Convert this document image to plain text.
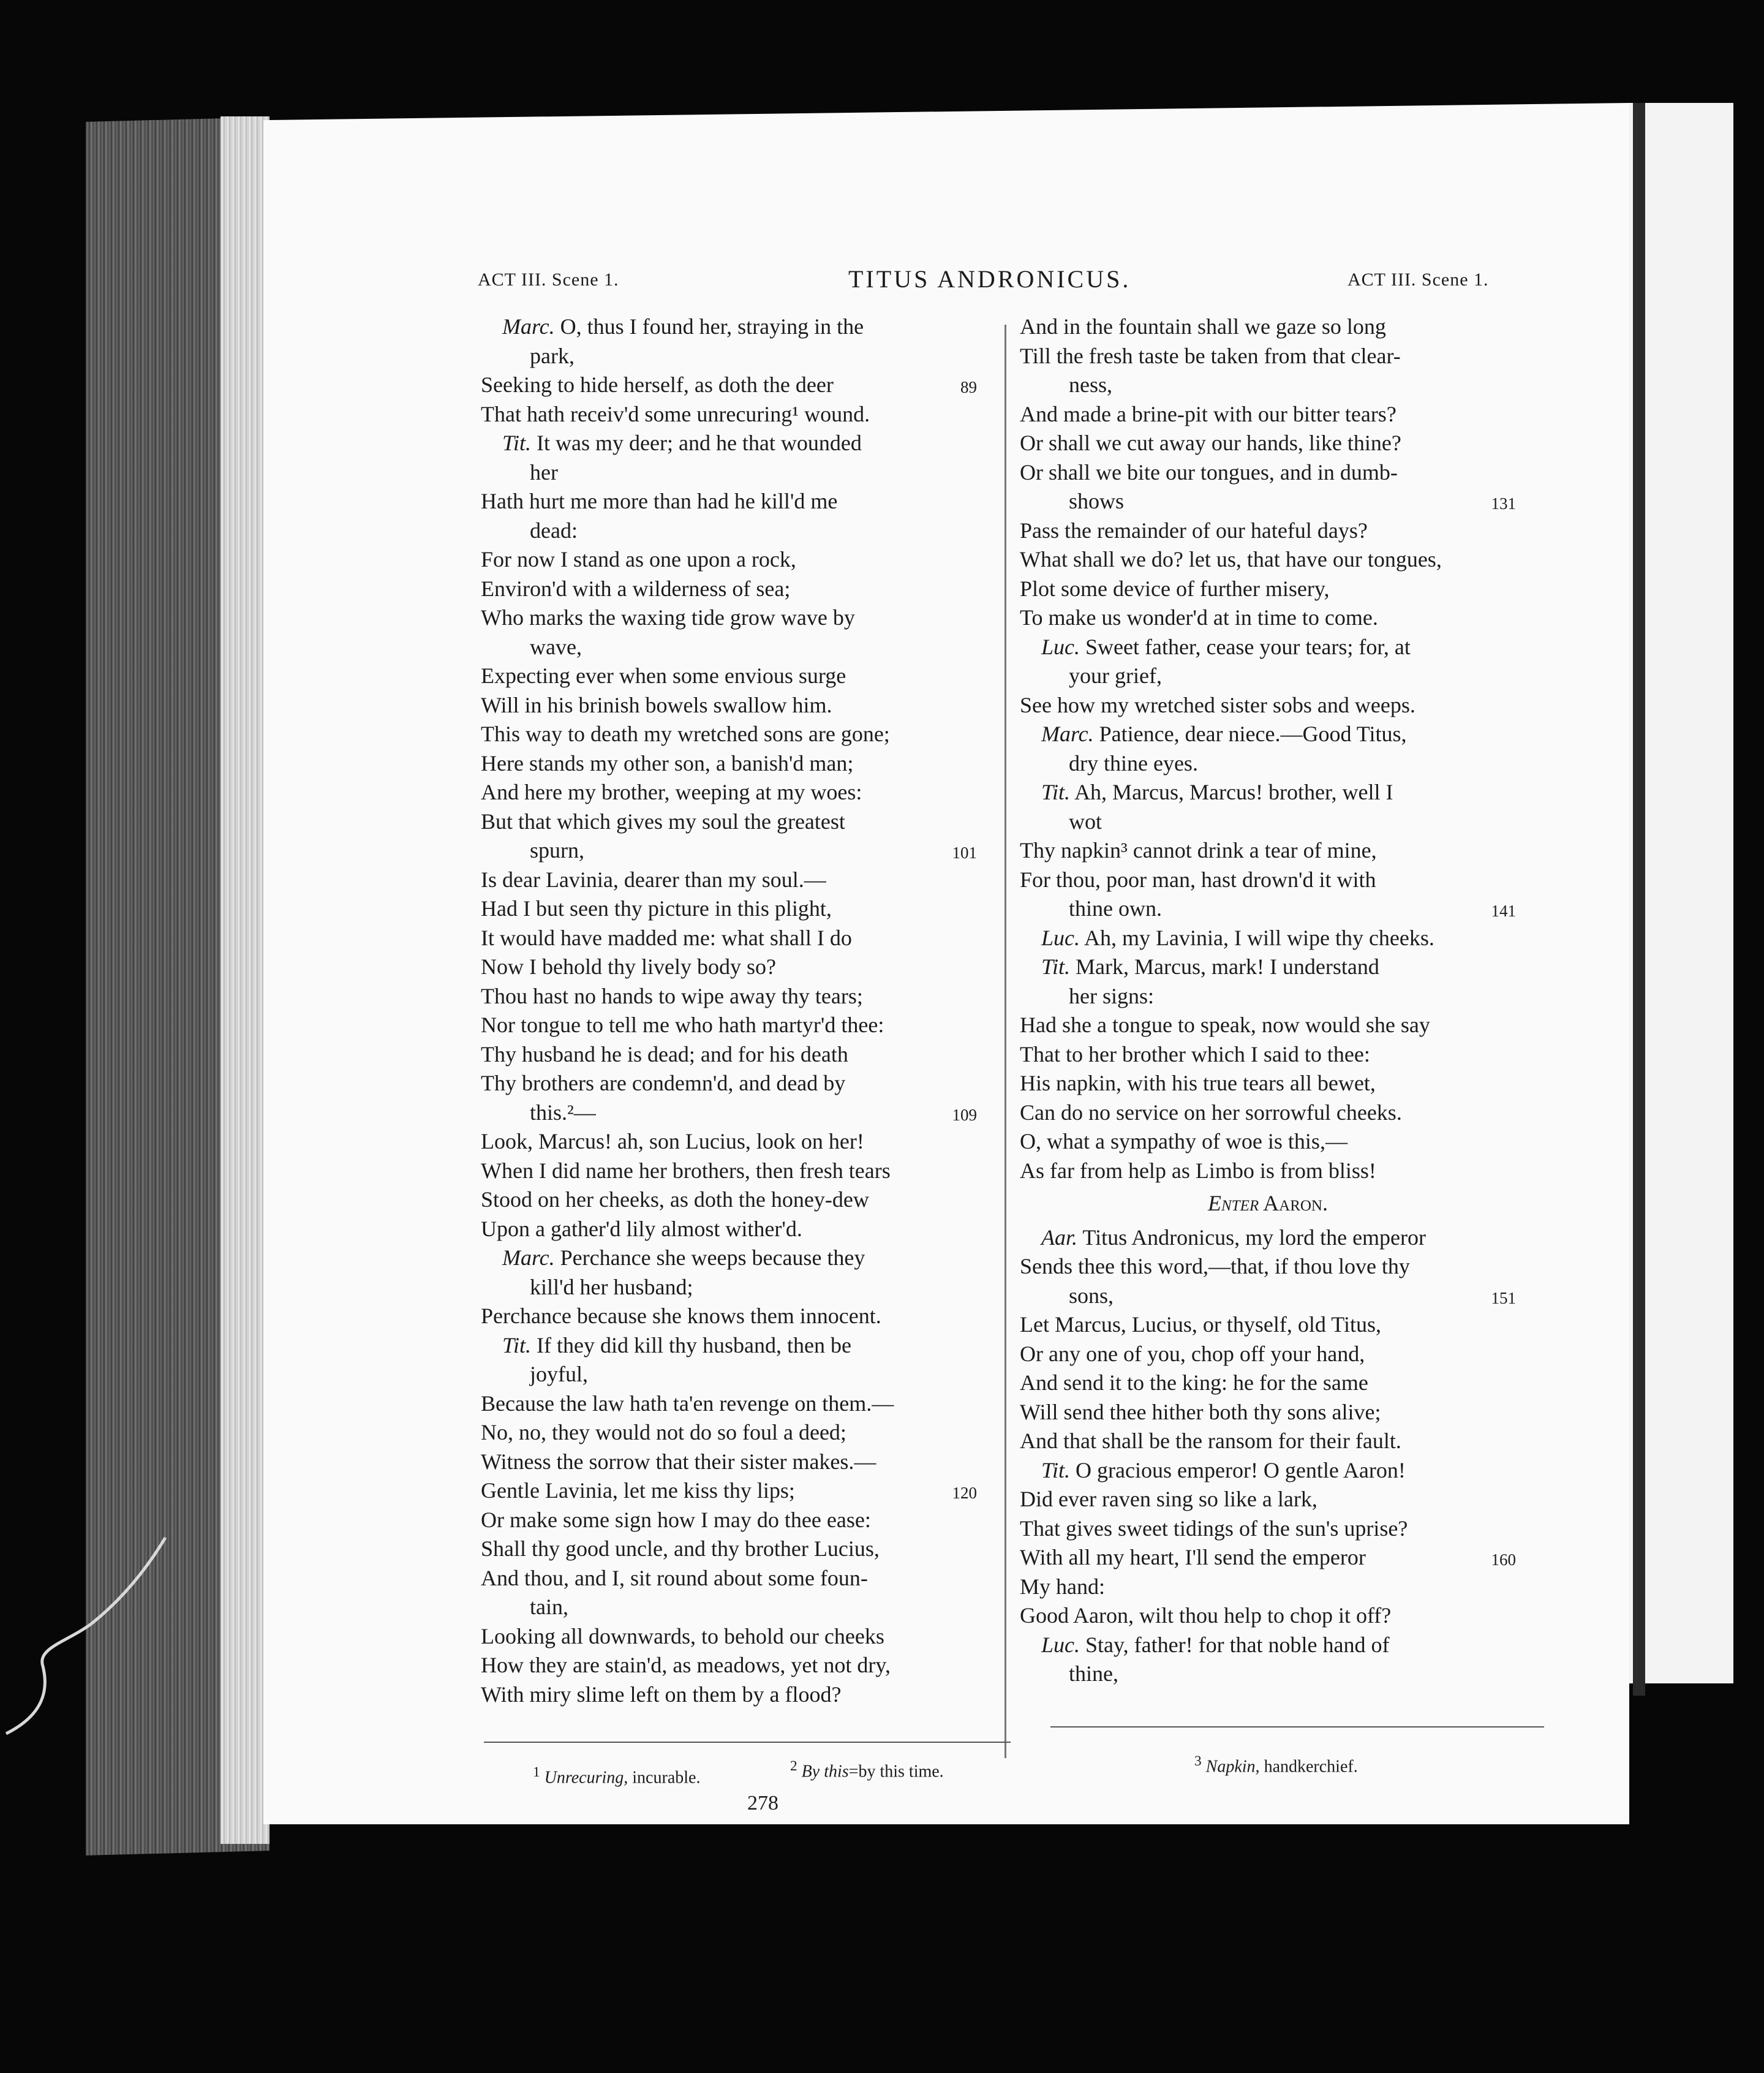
ACT III. Scene 1.	TITUS ANDRONICUS.	ACT III. Scene 1.
Marc. O, thus I found her, straying in the
park,
Seeking to hide herself, as doth the deer	89
That hath receiv'd some unrecuring¹ wound.
Tit. It was my deer; and he that wounded
her
Hath hurt me more than had he kill'd me
dead:
For now I stand as one upon a rock,
Environ'd with a wilderness of sea;
Who marks the waxing tide grow wave by
wave,
Expecting ever when some envious surge
Will in his brinish bowels swallow him.
This way to death my wretched sons are gone;
Here stands my other son, a banish'd man;
And here my brother, weeping at my woes:
But that which gives my soul the greatest
spurn,	101
Is dear Lavinia, dearer than my soul.—
Had I but seen thy picture in this plight,
It would have madded me: what shall I do
Now I behold thy lively body so?
Thou hast no hands to wipe away thy tears;
Nor tongue to tell me who hath martyr'd thee:
Thy husband he is dead; and for his death
Thy brothers are condemn'd, and dead by
this.²—	109
Look, Marcus! ah, son Lucius, look on her!
When I did name her brothers, then fresh tears
Stood on her cheeks, as doth the honey-dew
Upon a gather'd lily almost wither'd.
Marc. Perchance she weeps because they
kill'd her husband;
Perchance because she knows them innocent.
Tit. If they did kill thy husband, then be
joyful,
Because the law hath ta'en revenge on them.—
No, no, they would not do so foul a deed;
Witness the sorrow that their sister makes.—
Gentle Lavinia, let me kiss thy lips;	120
Or make some sign how I may do thee ease:
Shall thy good uncle, and thy brother Lucius,
And thou, and I, sit round about some foun-
tain,
Looking all downwards, to behold our cheeks
How they are stain'd, as meadows, yet not dry,
With miry slime left on them by a flood?
And in the fountain shall we gaze so long
Till the fresh taste be taken from that clear-
ness,
And made a brine-pit with our bitter tears?
Or shall we cut away our hands, like thine?
Or shall we bite our tongues, and in dumb-
shows	131
Pass the remainder of our hateful days?
What shall we do? let us, that have our tongues,
Plot some device of further misery,
To make us wonder'd at in time to come.
Luc. Sweet father, cease your tears; for, at
your grief,
See how my wretched sister sobs and weeps.
Marc. Patience, dear niece.—Good Titus,
dry thine eyes.
Tit. Ah, Marcus, Marcus! brother, well I
wot
Thy napkin³ cannot drink a tear of mine,
For thou, poor man, hast drown'd it with
thine own.	141
Luc. Ah, my Lavinia, I will wipe thy cheeks.
Tit. Mark, Marcus, mark! I understand
her signs:
Had she a tongue to speak, now would she say
That to her brother which I said to thee:
His napkin, with his true tears all bewet,
Can do no service on her sorrowful cheeks.
O, what a sympathy of woe is this,—
As far from help as Limbo is from bliss!
Enter Aaron.
Aar. Titus Andronicus, my lord the emperor
Sends thee this word,—that, if thou love thy
sons,	151
Let Marcus, Lucius, or thyself, old Titus,
Or any one of you, chop off your hand,
And send it to the king: he for the same
Will send thee hither both thy sons alive;
And that shall be the ransom for their fault.
Tit. O gracious emperor! O gentle Aaron!
Did ever raven sing so like a lark,
That gives sweet tidings of the sun's uprise?
With all my heart, I'll send the emperor	160
My hand:
Good Aaron, wilt thou help to chop it off?
Luc. Stay, father! for that noble hand of
thine,
$^1$ Unrecuring, incurable.
$^2$ By this=by this time.
$^3$ Napkin, handkerchief.
278
